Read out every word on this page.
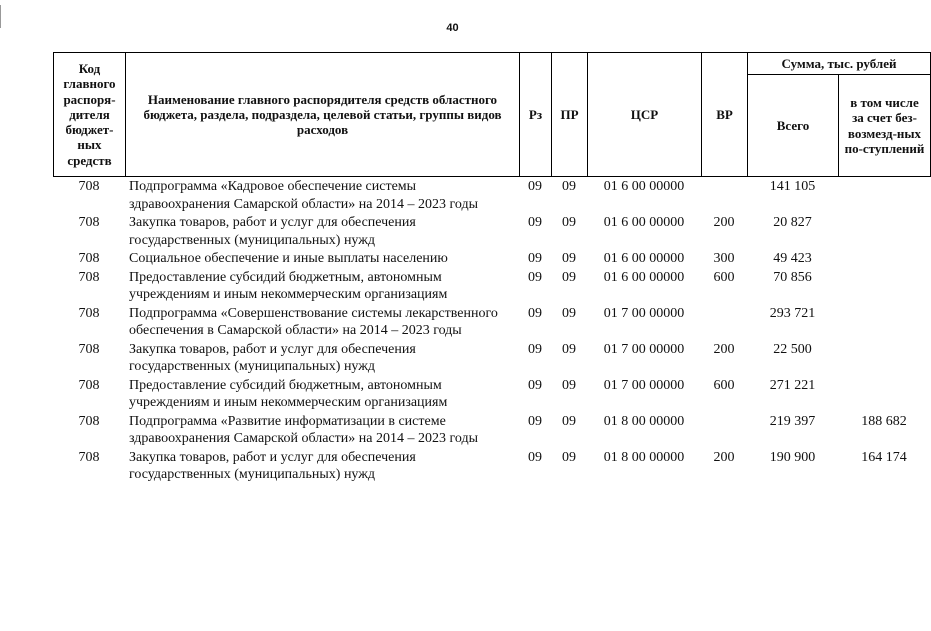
40
Код главного распоря-дителя бюджет-ных средств	Наименование главного распорядителя средств областного бюджета, раздела, подраздела, целевой статьи, группы видов расходов	Рз	ПР	ЦСР	ВР	Сумма, тыс. рублей	
						Всего	в том числе за счет без-возмезд-ных по-ступлений
708	Подпрограмма «Кадровое обеспечение системы здравоохранения Самарской области» на 2014 – 2023 годы	09	09	01 6 00 00000		141 105	
708	Закупка товаров, работ и услуг для обеспечения государственных (муниципальных) нужд	09	09	01 6 00 00000	200	20 827	
708	Социальное обеспечение и иные выплаты населению	09	09	01 6 00 00000	300	49 423	
708	Предоставление субсидий бюджетным, автономным учреждениям и иным некоммерческим организациям	09	09	01 6 00 00000	600	70 856	
708	Подпрограмма «Совершенствование системы лекарственного обеспечения в Самарской области» на 2014 – 2023 годы	09	09	01 7 00 00000		293 721	
708	Закупка товаров, работ и услуг для обеспечения государственных (муниципальных) нужд	09	09	01 7 00 00000	200	22 500	
708	Предоставление субсидий бюджетным, автономным учреждениям и иным некоммерческим организациям	09	09	01 7 00 00000	600	271 221	
708	Подпрограмма «Развитие информатизации в системе здравоохранения Самарской области» на 2014 – 2023 годы	09	09	01 8 00 00000		219 397	188 682
708	Закупка товаров, работ и услуг для обеспечения государственных (муниципальных) нужд	09	09	01 8 00 00000	200	190 900	164 174
